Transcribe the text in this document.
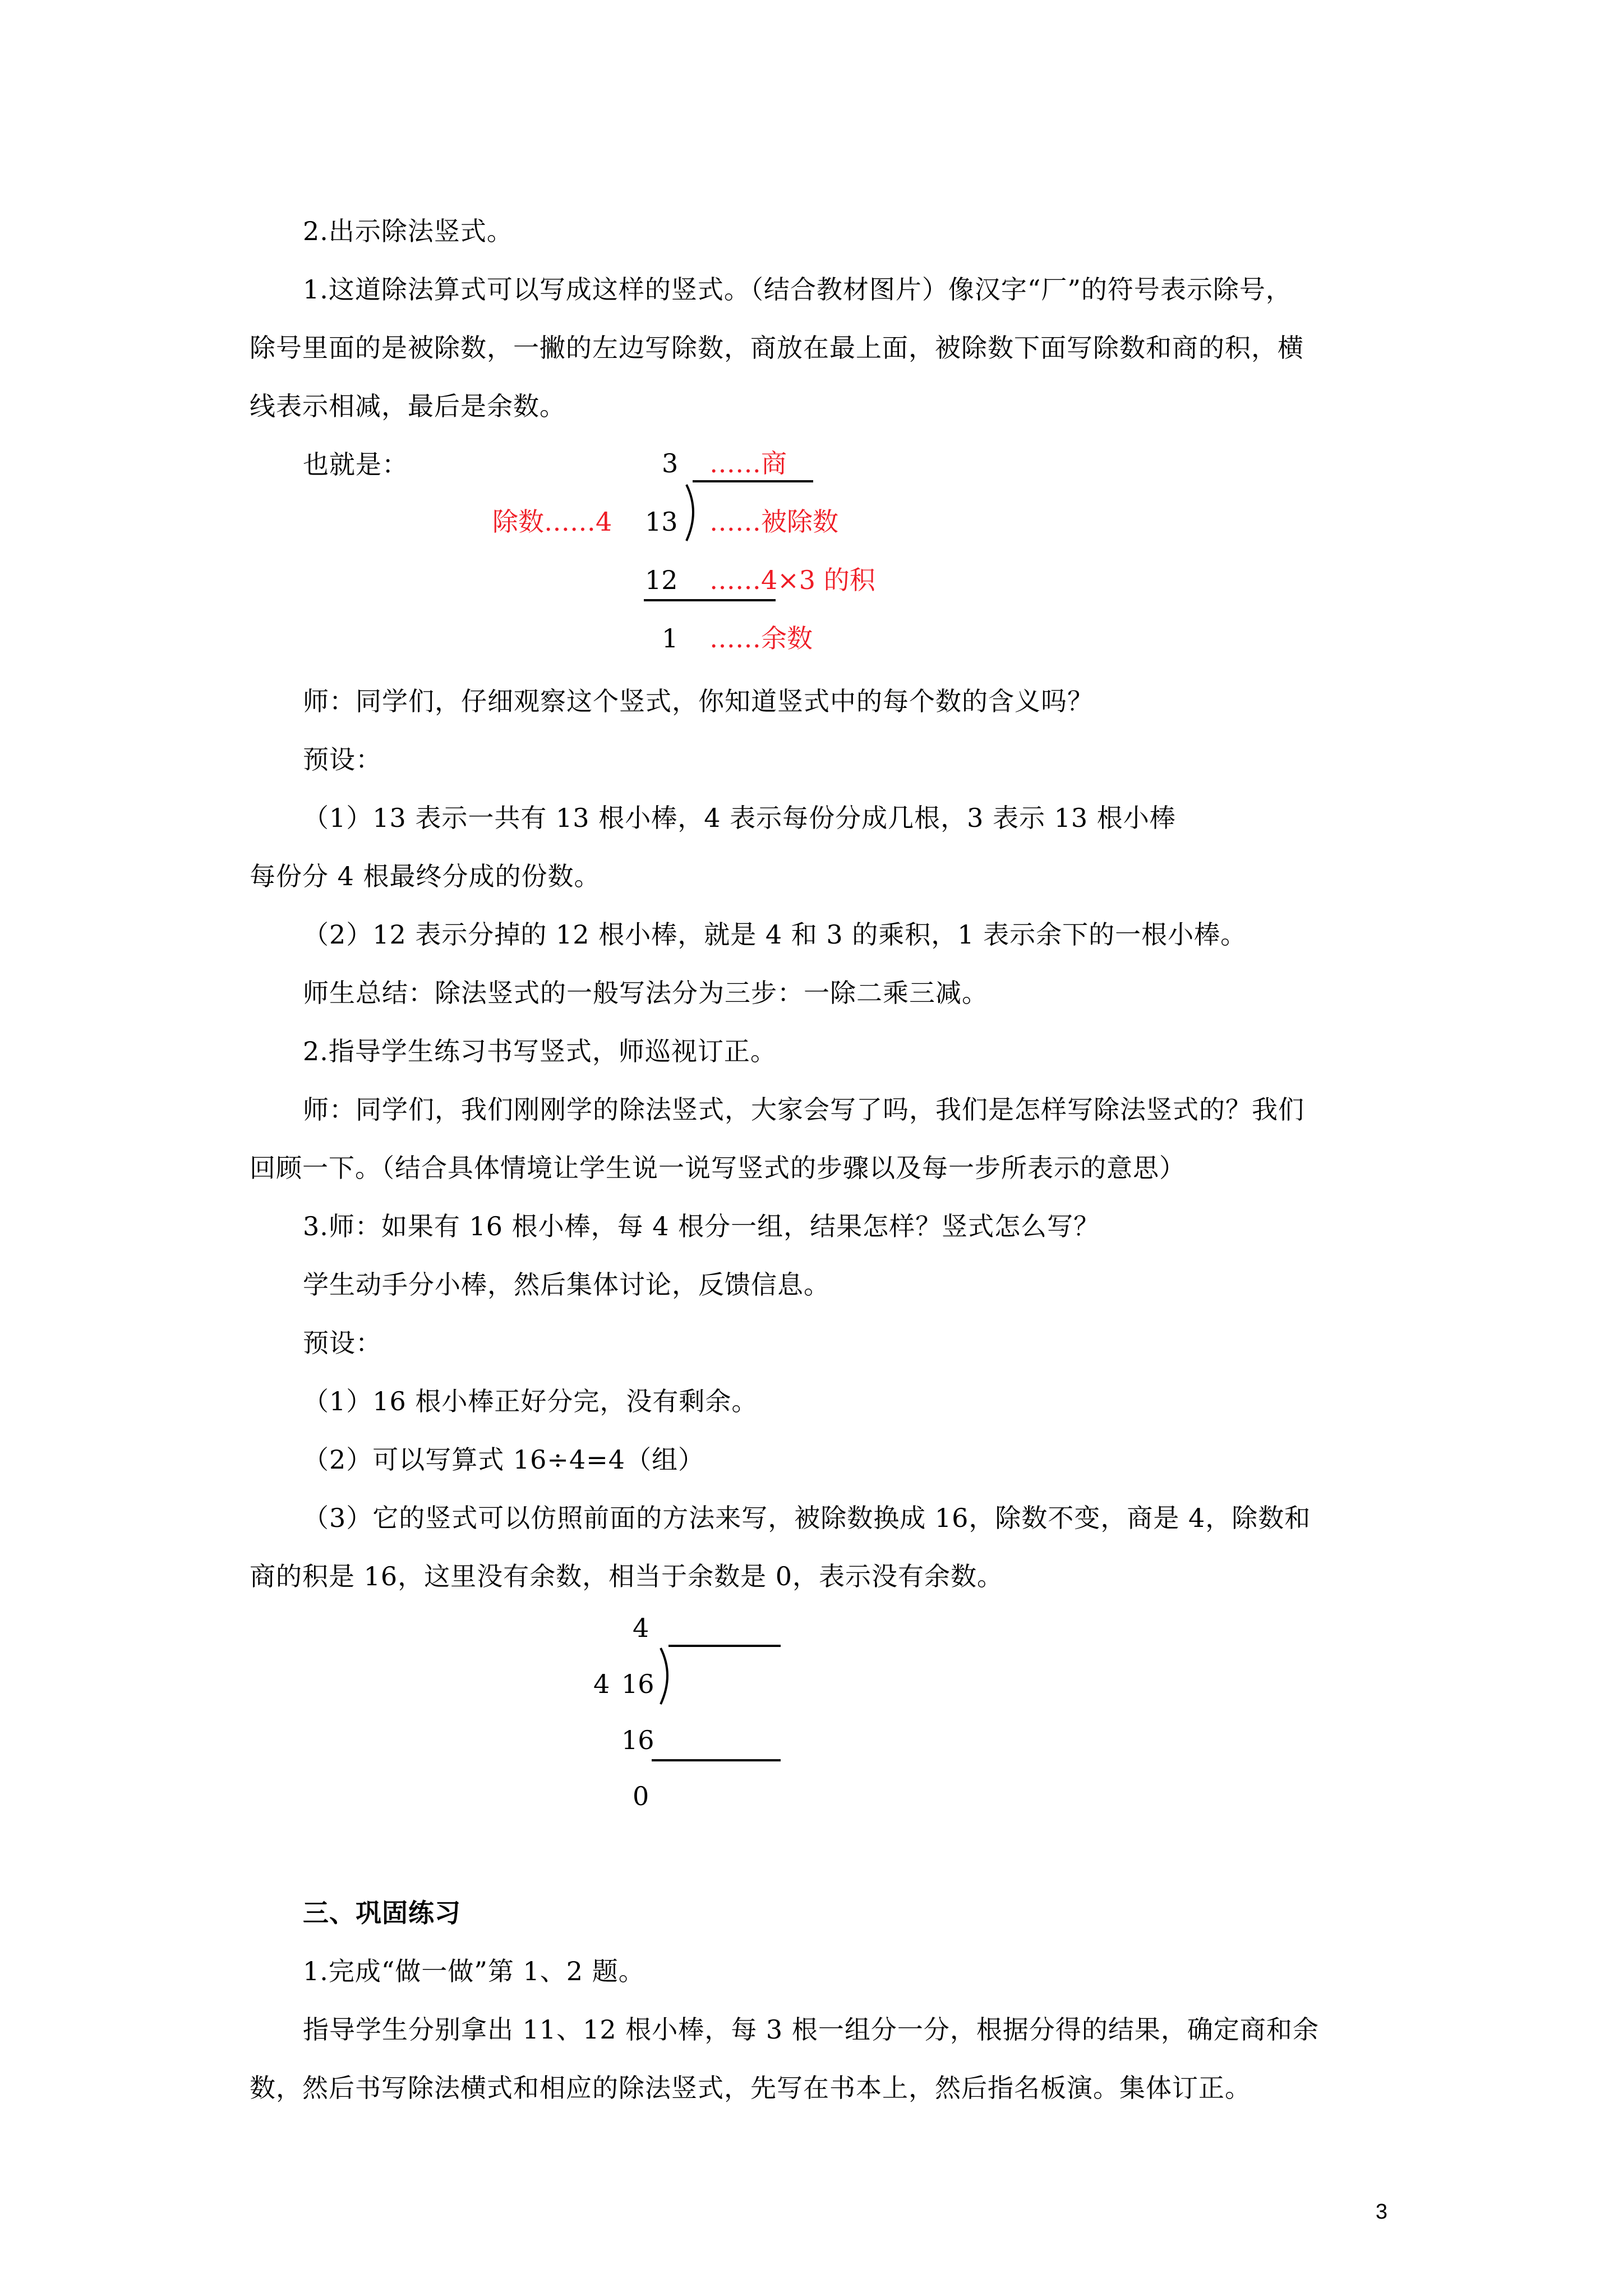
2.出示除法竖式。
1.这道除法算式可以写成这样的竖式。（结合教材图片）像汉字“厂”的符号表示除号，
除号里面的是被除数，一撇的左边写除数，商放在最上面，被除数下面写除数和商的积，横
线表示相减，最后是余数。
也就是：	3 ……商
除数……4 13 ……被除数
12 ……4×3 的积
1 ……余数
师：同学们，仔细观察这个竖式，你知道竖式中的每个数的含义吗？
预设：
（1）13 表示一共有 13 根小棒，4 表示每份分成几根，3 表示 13 根小棒
每份分 4 根最终分成的份数。
（2）12 表示分掉的 12 根小棒，就是 4 和 3 的乘积，1 表示余下的一根小棒。
师生总结：除法竖式的一般写法分为三步：一除二乘三减。
2.指导学生练习书写竖式，师巡视订正。
师：同学们，我们刚刚学的除法竖式，大家会写了吗，我们是怎样写除法竖式的？我们
回顾一下。（结合具体情境让学生说一说写竖式的步骤以及每一步所表示的意思）
3.师：如果有 16 根小棒，每 4 根分一组，结果怎样？竖式怎么写？
学生动手分小棒，然后集体讨论，反馈信息。
预设：
（1）16 根小棒正好分完，没有剩余。
（2）可以写算式 16÷4=4（组）
（3）它的竖式可以仿照前面的方法来写，被除数换成 16，除数不变，商是 4，除数和
商的积是 16，这里没有余数，相当于余数是 0，表示没有余数。
4
4 16
16
0
三、巩固练习
1.完成“做一做”第 1、2 题。
指导学生分别拿出 11、12 根小棒，每 3 根一组分一分，根据分得的结果，确定商和余
数，然后书写除法横式和相应的除法竖式，先写在书本上，然后指名板演。集体订正。
3
